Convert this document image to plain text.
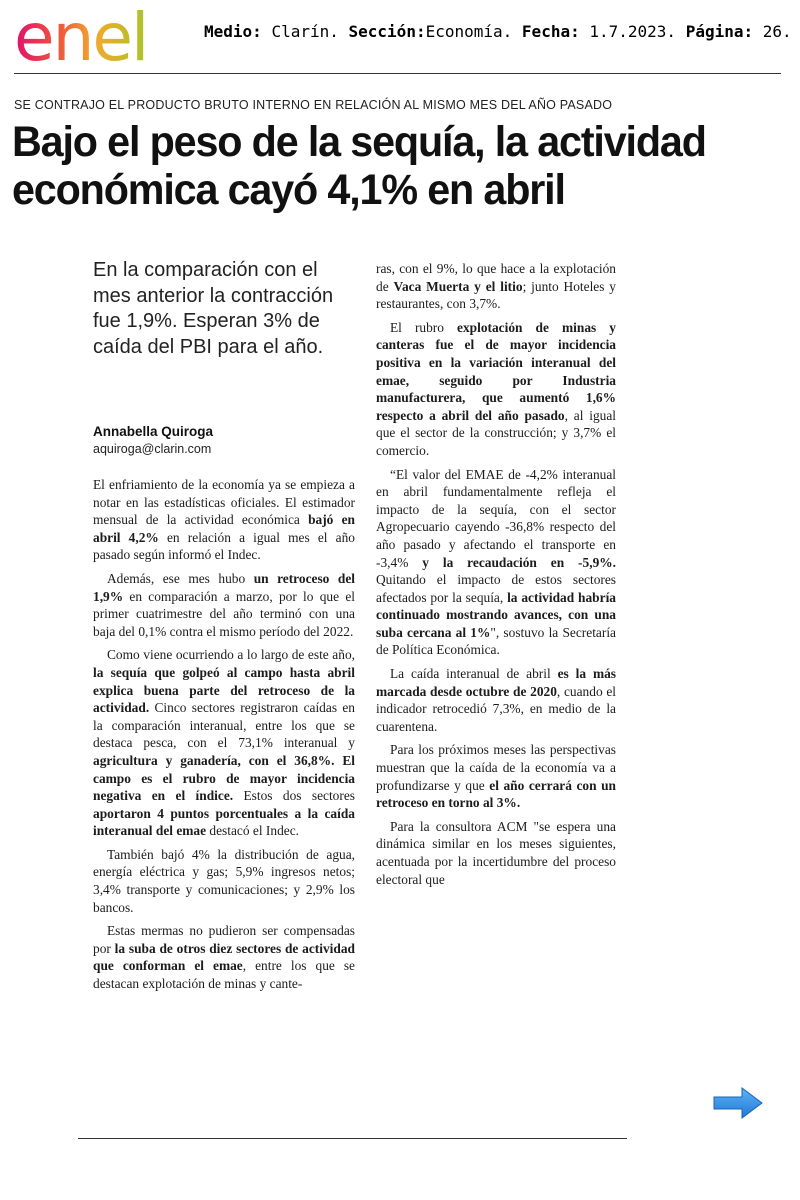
enel	Medio: Clarín. Sección:Economía. Fecha: 1.7.2023. Página: 26.
SE CONTRAJO EL PRODUCTO BRUTO INTERNO EN RELACIÓN AL MISMO MES DEL AÑO PASADO
Bajo el peso de la sequía, la actividad económica cayó 4,1% en abril

En la comparación con el mes anterior la contracción fue 1,9%. Esperan 3% de caída del PBI para el año.

Annabella Quiroga
aquiroga@clarin.com

El enfriamiento de la economía ya se empieza a notar en las estadísticas oficiales. El estimador mensual de la actividad económica bajó en abril 4,2% en relación a igual mes el año pasado según informó el Indec.

Además, ese mes hubo un retroceso del 1,9% en comparación a marzo, por lo que el primer cuatrimestre del año terminó con una baja del 0,1% contra el mismo período del 2022.

Como viene ocurriendo a lo largo de este año, la sequía que golpeó al campo hasta abril explica buena parte del retroceso de la actividad. Cinco sectores registraron caídas en la comparación interanual, entre los que se destaca pesca, con el 73,1% interanual y agricultura y ganadería, con el 36,8%. El campo es el rubro de mayor incidencia negativa en el índice. Estos dos sectores aportaron 4 puntos porcentuales a la caída interanual del emae destacó el Indec.

También bajó 4% la distribución de agua, energía eléctrica y gas; 5,9% ingresos netos; 3,4% transporte y comunicaciones; y 2,9% los bancos.

Estas mermas no pudieron ser compensadas por la suba de otros diez sectores de actividad que conforman el emae, entre los que se destacan explotación de minas y cante-

ras, con el 9%, lo que hace a la explotación de Vaca Muerta y el litio; junto Hoteles y restaurantes, con 3,7%.

El rubro explotación de minas y canteras fue el de mayor incidencia positiva en la variación interanual del emae, seguido por Industria manufacturera, que aumentó 1,6% respecto a abril del año pasado, al igual que el sector de la construcción; y 3,7% el comercio.

“El valor del EMAE de -4,2% interanual en abril fundamentalmente refleja el impacto de la sequía, con el sector Agropecuario cayendo -36,8% respecto del año pasado y afectando el transporte en -3,4% y la recaudación en -5,9%. Quitando el impacto de estos sectores afectados por la sequía, la actividad habría continuado mostrando avances, con una suba cercana al 1%", sostuvo la Secretaría de Política Económica.

La caída interanual de abril es la más marcada desde octubre de 2020, cuando el indicador retrocedió 7,3%, en medio de la cuarentena.

Para los próximos meses las perspectivas muestran que la caída de la economía va a profundizarse y que el año cerrará con un retroceso en torno al 3%.

Para la consultora ACM "se espera una dinámica similar en los meses siguientes, acentuada por la incertidumbre del proceso electoral que
